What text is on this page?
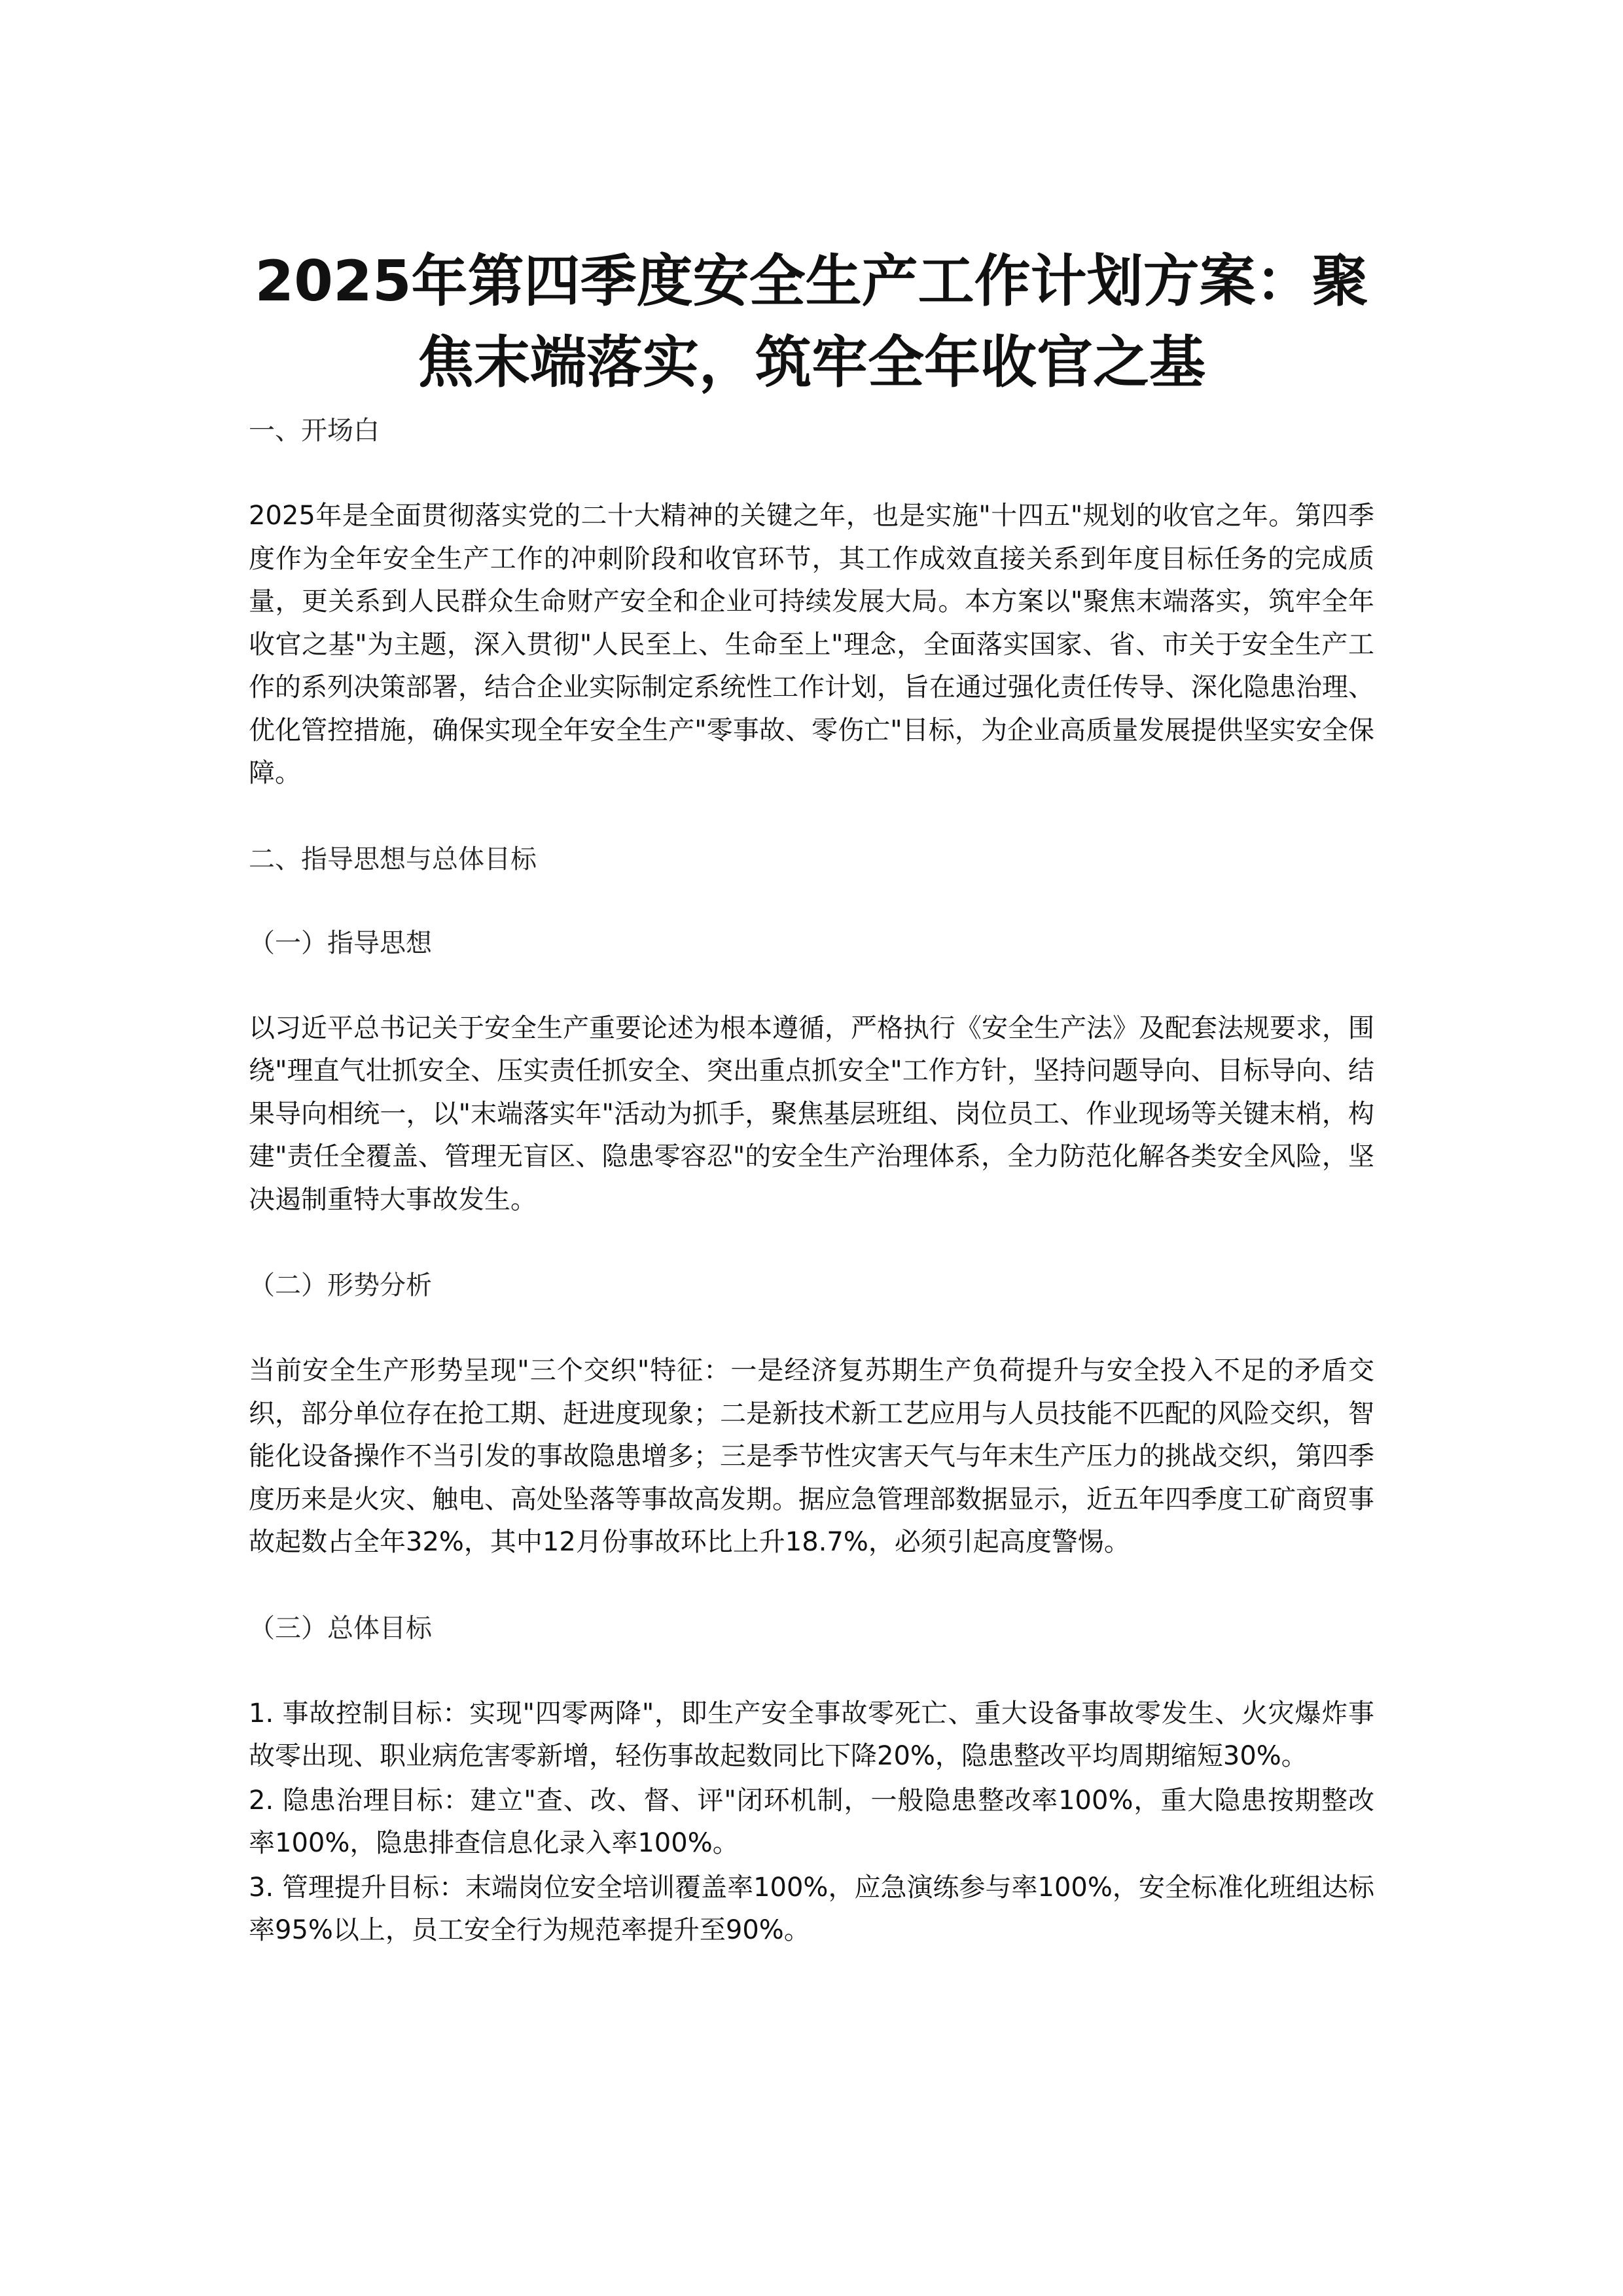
2025年第四季度安全生产工作计划方案：聚焦末端落实，筑牢全年收官之基
一、开场白

2025年是全面贯彻落实党的二十大精神的关键之年，也是实施"十四五"规划的收官之年。第四季度作为全年安全生产工作的冲刺阶段和收官环节，其工作成效直接关系到年度目标任务的完成质量，更关系到人民群众生命财产安全和企业可持续发展大局。本方案以"聚焦末端落实，筑牢全年收官之基"为主题，深入贯彻"人民至上、生命至上"理念，全面落实国家、省、市关于安全生产工作的系列决策部署，结合企业实际制定系统性工作计划，旨在通过强化责任传导、深化隐患治理、优化管控措施，确保实现全年安全生产"零事故、零伤亡"目标，为企业高质量发展提供坚实安全保障。

二、指导思想与总体目标
（一）指导思想

以习近平总书记关于安全生产重要论述为根本遵循，严格执行《安全生产法》及配套法规要求，围绕"理直气壮抓安全、压实责任抓安全、突出重点抓安全"工作方针，坚持问题导向、目标导向、结果导向相统一，以"末端落实年"活动为抓手，聚焦基层班组、岗位员工、作业现场等关键末梢，构建"责任全覆盖、管理无盲区、隐患零容忍"的安全生产治理体系，全力防范化解各类安全风险，坚决遏制重特大事故发生。

（二）形势分析

当前安全生产形势呈现"三个交织"特征：一是经济复苏期生产负荷提升与安全投入不足的矛盾交织，部分单位存在抢工期、赶进度现象；二是新技术新工艺应用与人员技能不匹配的风险交织，智能化设备操作不当引发的事故隐患增多；三是季节性灾害天气与年末生产压力的挑战交织，第四季度历来是火灾、触电、高处坠落等事故高发期。据应急管理部数据显示，近五年四季度工矿商贸事故起数占全年32%，其中12月份事故环比上升18.7%，必须引起高度警惕。

（三）总体目标
1. 事故控制目标：实现"四零两降"，即生产安全事故零死亡、重大设备事故零发生、火灾爆炸事故零出现、职业病危害零新增，轻伤事故起数同比下降20%，隐患整改平均周期缩短30%。
2. 隐患治理目标：建立"查、改、督、评"闭环机制，一般隐患整改率100%，重大隐患按期整改率100%，隐患排查信息化录入率100%。
3. 管理提升目标：末端岗位安全培训覆盖率100%，应急演练参与率100%，安全标准化班组达标率95%以上，员工安全行为规范率提升至90%。
